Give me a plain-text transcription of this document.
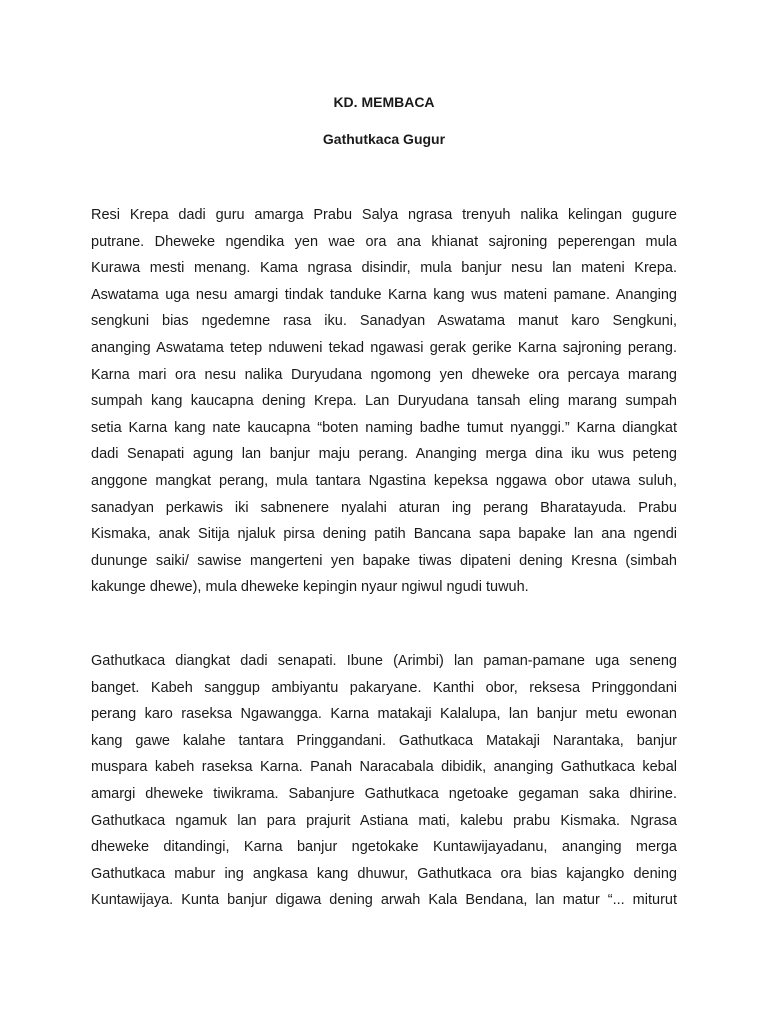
KD. MEMBACA

Gathutkaca Gugur

Resi Krepa dadi guru amarga Prabu Salya ngrasa trenyuh nalika kelingan gugure
putrane. Dheweke ngendika yen wae ora ana khianat sajroning peperengan mula
Kurawa mesti menang. Kama ngrasa disindir, mula banjur nesu lan mateni Krepa.
Aswatama uga nesu amargi tindak tanduke Karna kang wus mateni pamane. Ananging
sengkuni bias ngedemne rasa iku. Sanadyan Aswatama manut karo Sengkuni,
ananging Aswatama tetep nduweni tekad ngawasi gerak gerike Karna sajroning perang.
Karna mari ora nesu nalika Duryudana ngomong yen dheweke ora percaya marang
sumpah kang kaucapna dening Krepa. Lan Duryudana tansah eling marang sumpah
setia Karna kang nate kaucapna “boten naming badhe tumut nyanggi.” Karna diangkat
dadi Senapati agung lan banjur maju perang. Ananging merga dina iku wus peteng
anggone mangkat perang, mula tantara Ngastina kepeksa nggawa obor utawa suluh,
sanadyan perkawis iki sabnenere nyalahi aturan ing perang Bharatayuda. Prabu
Kismaka, anak Sitija njaluk pirsa dening patih Bancana sapa bapake lan ana ngendi
dunungе saiki/ sawise mangerteni yen bapake tiwas dipateni dening Kresna (simbah
kakunge dhewe), mula dheweke kepingin nyaur ngiwul ngudi tuwuh.
Gathutkaca diangkat dadi senapati. Ibune (Arimbi) lan paman-pamane uga seneng
banget. Kabeh sanggup ambiyantu pakaryane. Kanthi obor, reksesa Pringgondani
perang karo raseksa Ngawangga. Karna matakaji Kalalupa, lan banjur metu ewonan
kang gawe kalahe tantara Pringgandani. Gathutkaca Matakaji Narantaka, banjur
muspara kabeh raseksa Karna. Panah Naracabala dibidik, ananging Gathutkaca kebal
amargi dheweke tiwikrama. Sabanjure Gathutkaca ngetoake gegaman saka dhirine.
Gathutkaca ngamuk lan para prajurit Astiana mati, kalebu prabu Kismaka. Ngrasa
dheweke ditandingi, Karna banjur ngetokake Kuntawijayadanu, ananging merga
Gathutkaca mabur ing angkasa kang dhuwur, Gathutkaca ora bias kajangko dening
Kuntawijaya. Kunta banjur digawa dening arwah Kala Bendana, lan matur “... miturut
